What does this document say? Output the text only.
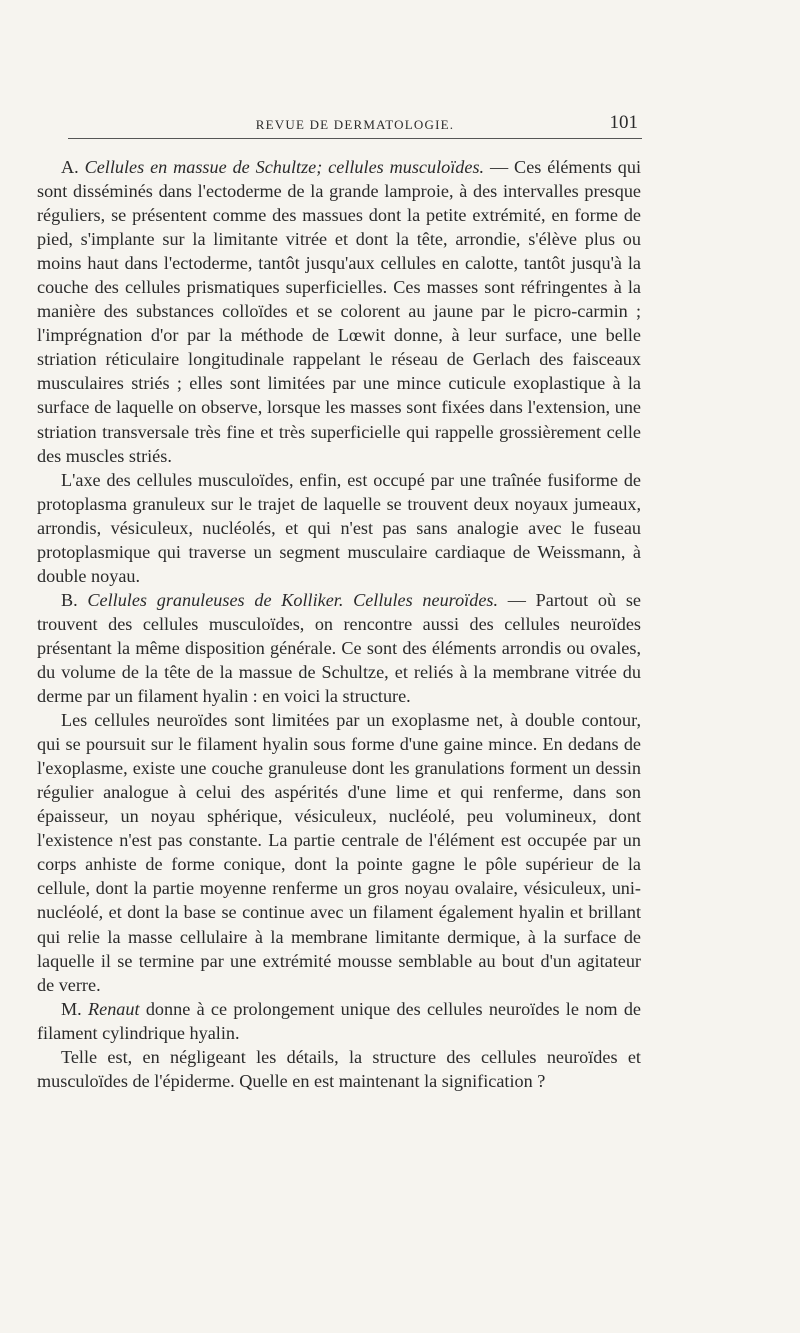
REVUE DE DERMATOLOGIE.	101

A. Cellules en massue de Schultze; cellules musculoïdes. — Ces éléments qui sont disséminés dans l'ectoderme de la grande lamproie, à des intervalles presque réguliers, se présentent comme des massues dont la petite extrémité, en forme de pied, s'implante sur la limitante vitrée et dont la tête, arrondie, s'élève plus ou moins haut dans l'ectoderme, tantôt jusqu'aux cellules en calotte, tantôt jusqu'à la couche des cellules prismatiques superficielles. Ces masses sont réfringentes à la manière des substances colloïdes et se colorent au jaune par le picro-carmin ; l'imprégnation d'or par la méthode de Lœwit donne, à leur surface, une belle striation réticulaire longitudinale rappelant le réseau de Gerlach des faisceaux musculaires striés ; elles sont limitées par une mince cuticule exoplastique à la surface de laquelle on observe, lorsque les masses sont fixées dans l'extension, une striation transversale très fine et très superficielle qui rappelle grossièrement celle des muscles striés.

L'axe des cellules musculoïdes, enfin, est occupé par une traînée fusiforme de protoplasma granuleux sur le trajet de laquelle se trouvent deux noyaux jumeaux, arrondis, vésiculeux, nucléolés, et qui n'est pas sans analogie avec le fuseau protoplasmique qui traverse un segment musculaire cardiaque de Weissmann, à double noyau.

B. Cellules granuleuses de Kolliker. Cellules neuroïdes. — Partout où se trouvent des cellules musculoïdes, on rencontre aussi des cellules neuroïdes présentant la même disposition générale. Ce sont des éléments arrondis ou ovales, du volume de la tête de la massue de Schultze, et reliés à la membrane vitrée du derme par un filament hyalin : en voici la structure.

Les cellules neuroïdes sont limitées par un exoplasme net, à double contour, qui se poursuit sur le filament hyalin sous forme d'une gaine mince. En dedans de l'exoplasme, existe une couche granuleuse dont les granulations forment un dessin régulier analogue à celui des aspérités d'une lime et qui renferme, dans son épaisseur, un noyau sphérique, vésiculeux, nucléolé, peu volumineux, dont l'existence n'est pas constante. La partie centrale de l'élément est occupée par un corps anhiste de forme conique, dont la pointe gagne le pôle supérieur de la cellule, dont la partie moyenne renferme un gros noyau ovalaire, vésiculeux, uni-nucléolé, et dont la base se continue avec un filament également hyalin et brillant qui relie la masse cellulaire à la membrane limitante dermique, à la surface de laquelle il se termine par une extrémité mousse semblable au bout d'un agitateur de verre.

M. Renaut donne à ce prolongement unique des cellules neuroïdes le nom de filament cylindrique hyalin.

Telle est, en négligeant les détails, la structure des cellules neuroïdes et musculoïdes de l'épiderme. Quelle en est maintenant la signification ?
